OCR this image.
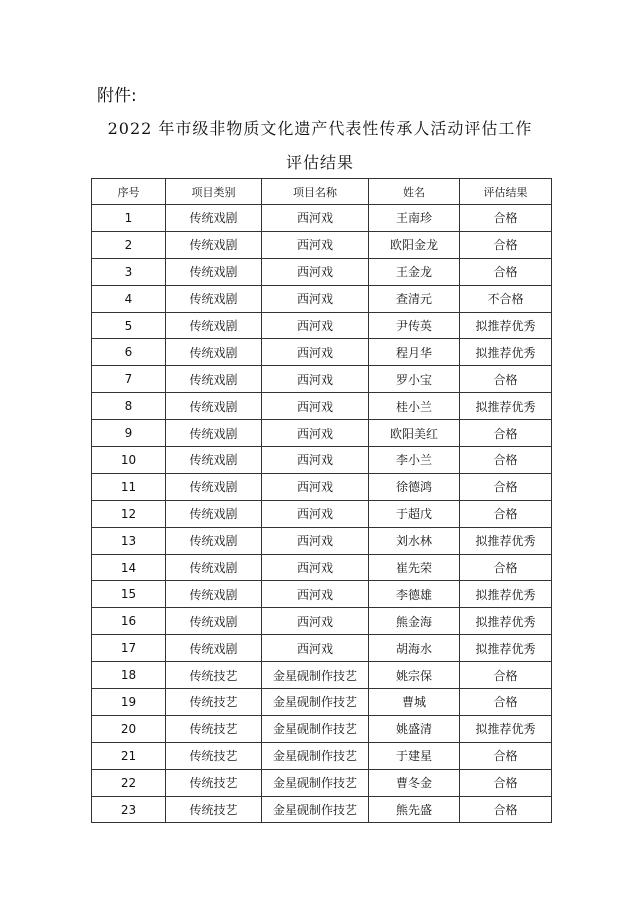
附件:
2022 年市级非物质文化遗产代表性传承人活动评估工作
评估结果
序号	项目类别	项目名称	姓名	评估结果
1	传统戏剧	西河戏	王南珍	合格
2	传统戏剧	西河戏	欧阳金龙	合格
3	传统戏剧	西河戏	王金龙	合格
4	传统戏剧	西河戏	查清元	不合格
5	传统戏剧	西河戏	尹传英	拟推荐优秀
6	传统戏剧	西河戏	程月华	拟推荐优秀
7	传统戏剧	西河戏	罗小宝	合格
8	传统戏剧	西河戏	桂小兰	拟推荐优秀
9	传统戏剧	西河戏	欧阳美红	合格
10	传统戏剧	西河戏	李小兰	合格
11	传统戏剧	西河戏	徐德鸿	合格
12	传统戏剧	西河戏	于超戊	合格
13	传统戏剧	西河戏	刘水林	拟推荐优秀
14	传统戏剧	西河戏	崔先荣	合格
15	传统戏剧	西河戏	李德雄	拟推荐优秀
16	传统戏剧	西河戏	熊金海	拟推荐优秀
17	传统戏剧	西河戏	胡海水	拟推荐优秀
18	传统技艺	金星砚制作技艺	姚宗保	合格
19	传统技艺	金星砚制作技艺	曹城	合格
20	传统技艺	金星砚制作技艺	姚盛清	拟推荐优秀
21	传统技艺	金星砚制作技艺	于建星	合格
22	传统技艺	金星砚制作技艺	曹冬金	合格
23	传统技艺	金星砚制作技艺	熊先盛	合格
